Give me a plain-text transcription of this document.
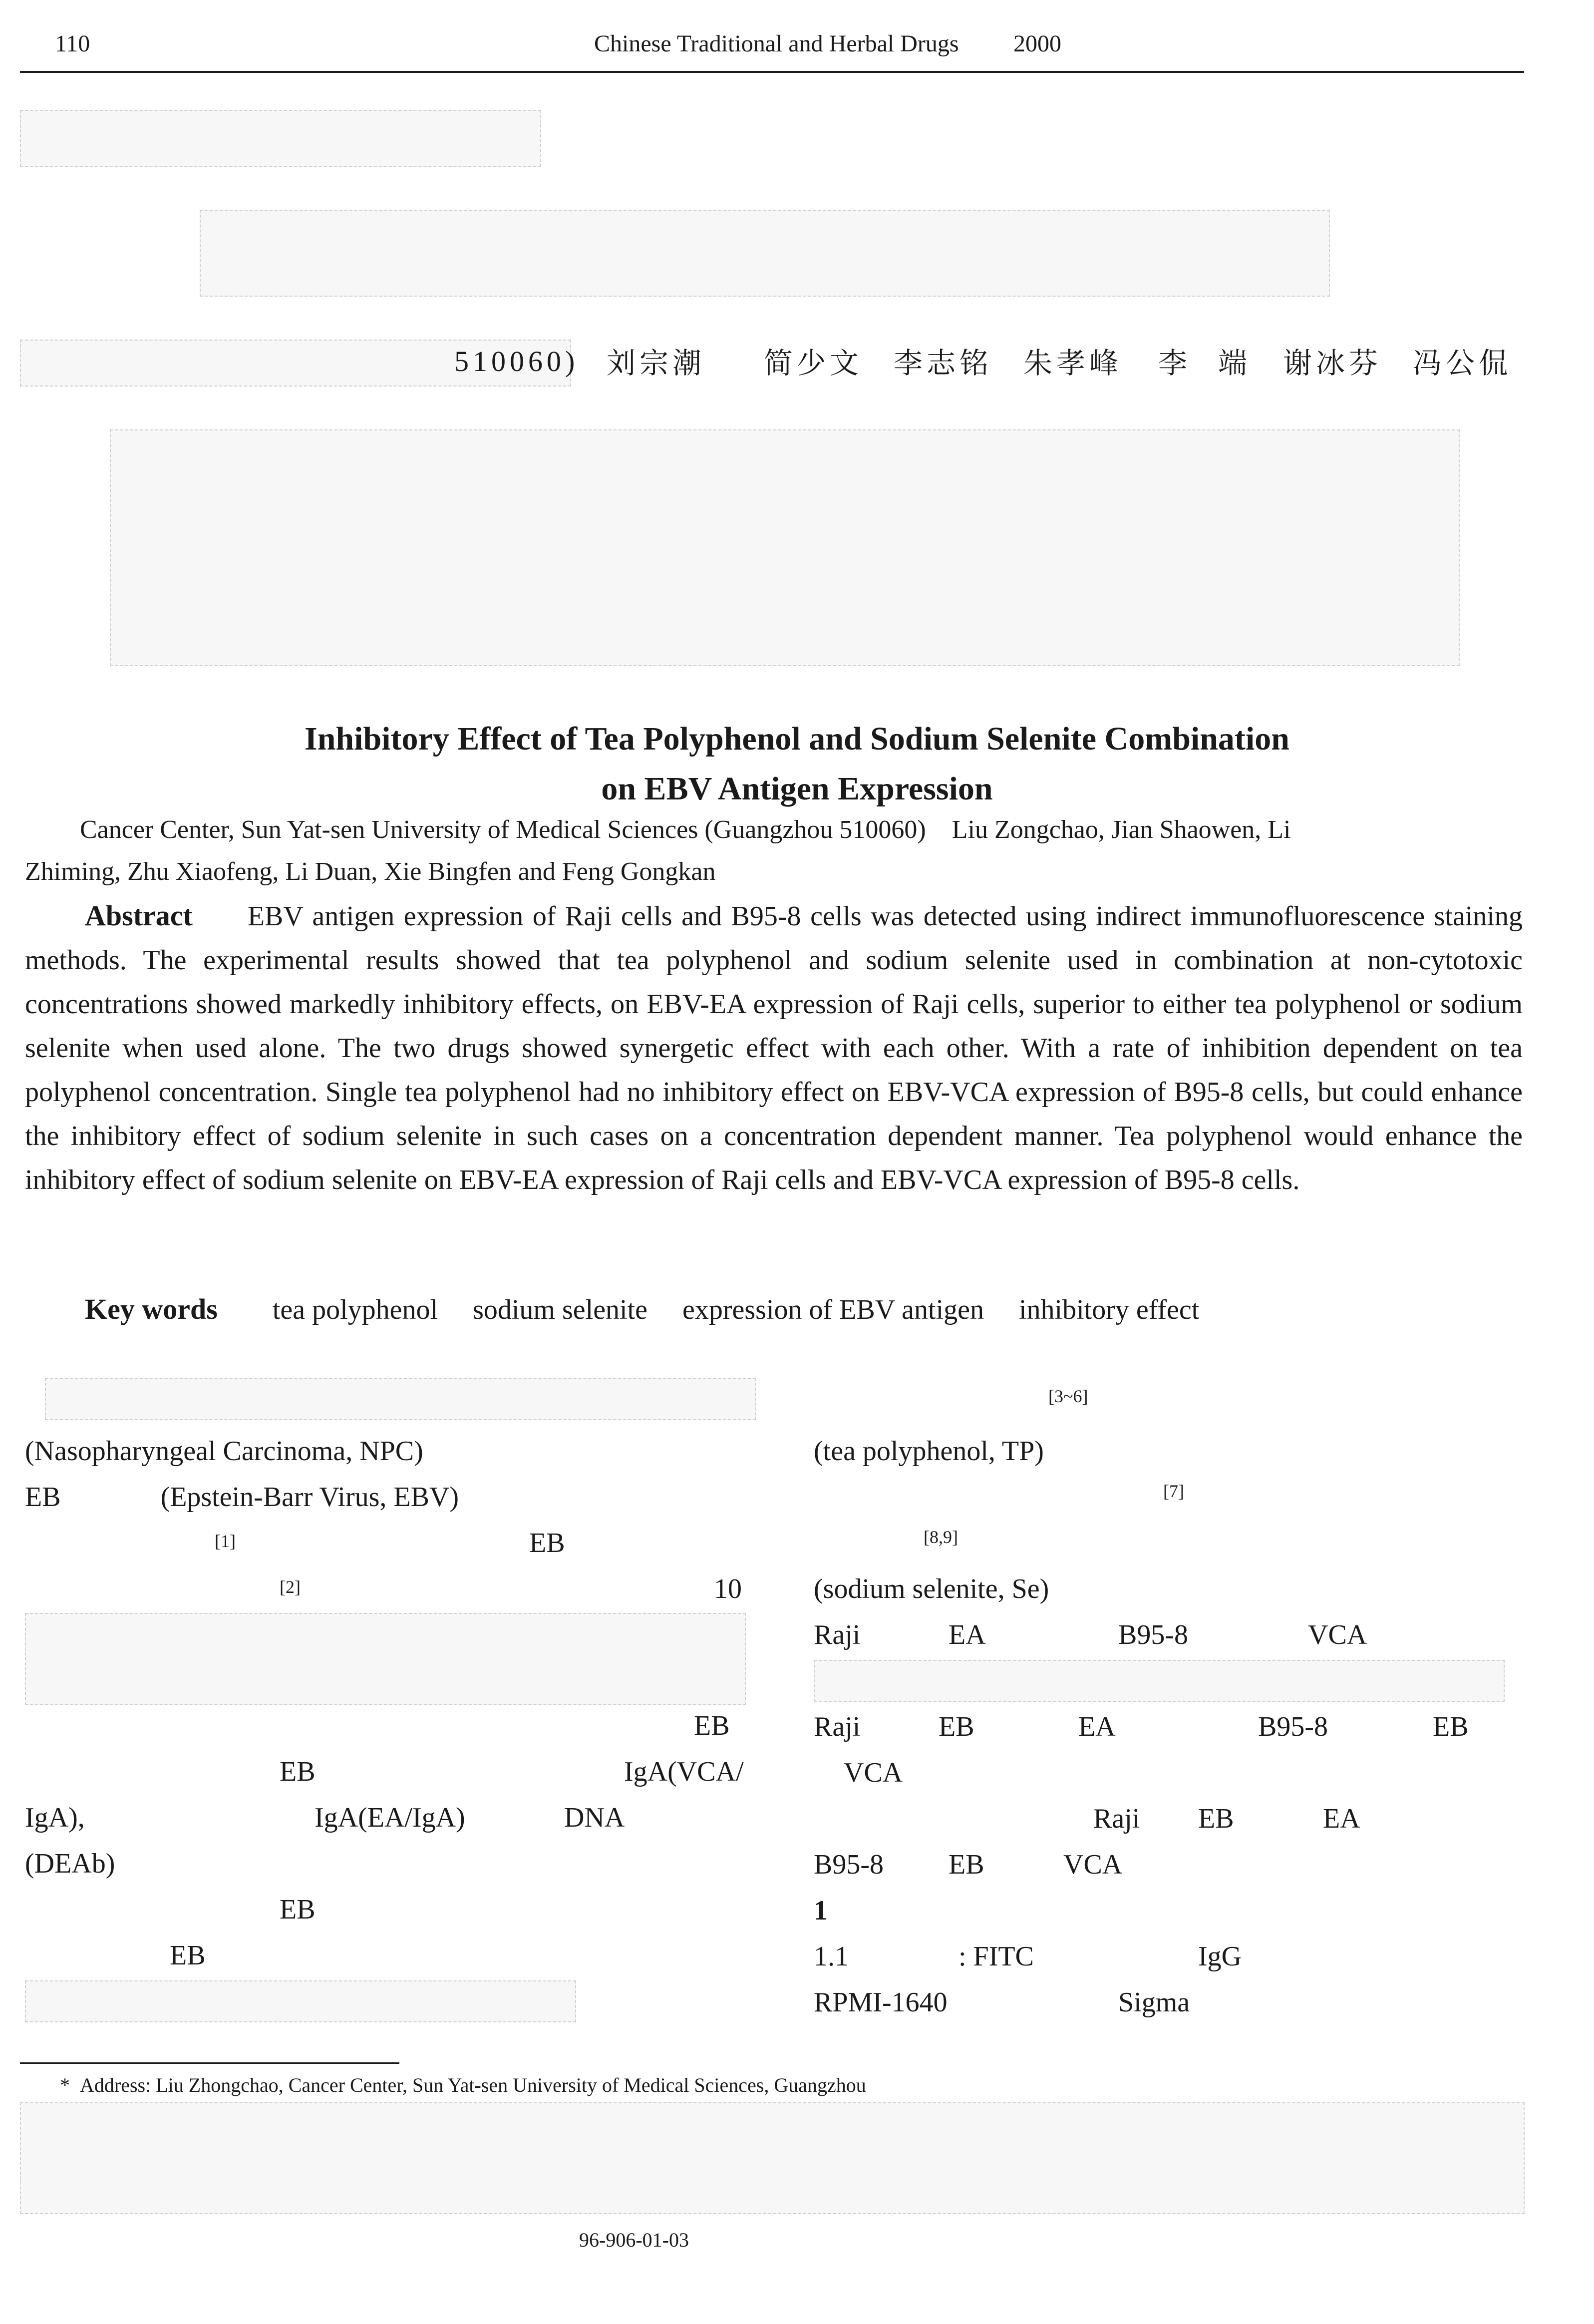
110	Chinese Traditional and Herbal Drugs 2000
510060) 刘宗潮 简少文 李志铭 朱孝峰 李 端 谢冰芬 冯公侃
Inhibitory Effect of Tea Polyphenol and Sodium Selenite Combination
on EBV Antigen Expression
Cancer Center, Sun Yat-sen University of Medical Sciences (Guangzhou 510060) Liu Zongchao, Jian Shaowen, Li
Zhiming, Zhu Xiaofeng, Li Duan, Xie Bingfen and Feng Gongkan
Abstract EBV antigen expression of Raji cells and B95-8 cells was detected using indirect immunofluorescence staining methods. The experimental results showed that tea polyphenol and sodium selenite used in combination at non-cytotoxic concentrations showed markedly inhibitory effects, on EBV-EA expression of Raji cells, superior to either tea polyphenol or sodium selenite when used alone. The two drugs showed synergetic effect with each other. With a rate of inhibition dependent on tea polyphenol concentration. Single tea polyphenol had no inhibitory effect on EBV-VCA expression of B95-8 cells, but could enhance the inhibitory effect of sodium selenite in such cases on a concentration dependent manner. Tea polyphenol would enhance the inhibitory effect of sodium selenite on EBV-EA expression of Raji cells and EBV-VCA expression of B95-8 cells.
Key words tea polyphenol sodium selenite expression of EBV antigen inhibitory effect
(Nasopharyngeal Carcinoma, NPC)
EB	(Epstein-Barr Virus, EBV)
[1]	EB
[2]	10
EB
EB	IgA(VCA/
IgA),	IgA(EA/IgA)	DNA
(DEAb)
EB
EB
[3~6]
(tea polyphenol, TP)
[7]
[8,9]
(sodium selenite, Se)
Raji	EA	B95-8	VCA
Raji	EB	EA	B95-8	EB
VCA
Raji EB	EA
B95-8 EB	VCA
1
1.1	: FITC	IgG
RPMI-1640	Sigma
* Address: Liu Zhongchao, Cancer Center, Sun Yat-sen University of Medical Sciences, Guangzhou
96-906-01-03
